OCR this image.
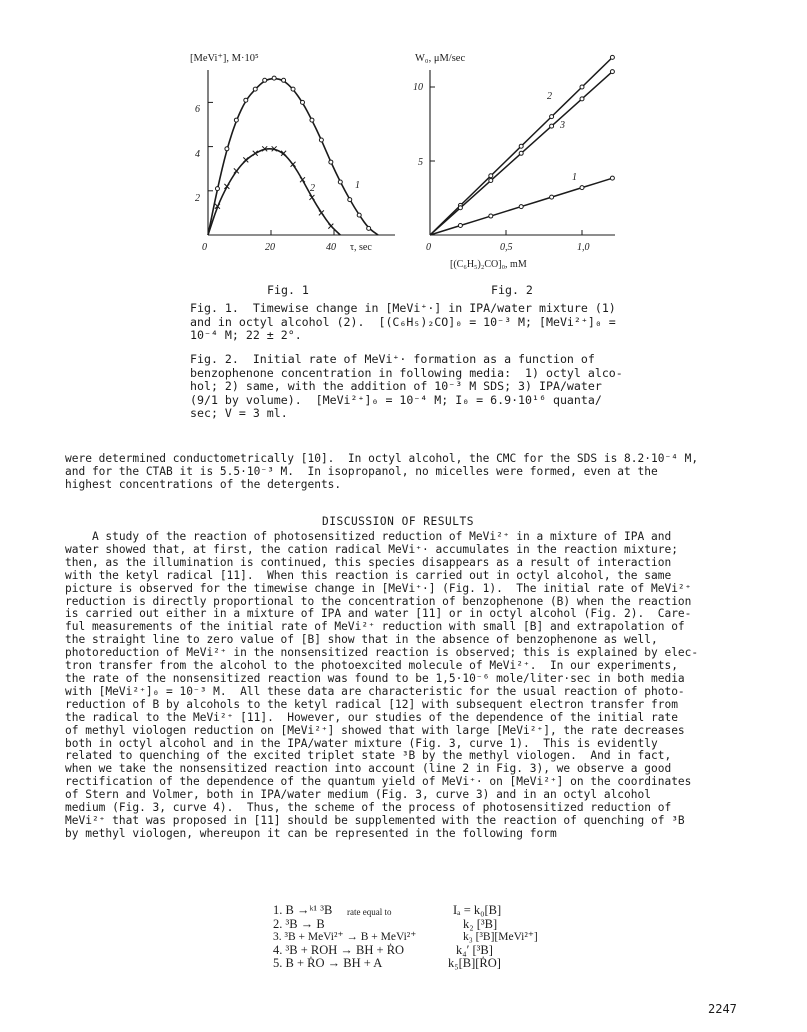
[MeVi⁺], M·10⁵
2
4
6
0	20	40 τ, sec
1
2
W₀, μM/sec
5
10
0	0,5	1,0
[(C₆H₅)₂CO]₀, mM
1
2
3
Fig. 1	Fig. 2
Fig. 1.  Timewise change in [MeVi⁺·] in IPA/water mixture (1)
and in octyl alcohol (2).  [(C₆H₅)₂CO]₀ = 10⁻³ M; [MeVi²⁺]₀ =
10⁻⁴ M; 22 ± 2°.
Fig. 2.  Initial rate of MeVi⁺· formation as a function of
benzophenone concentration in following media:  1) octyl alco-
hol; 2) same, with the addition of 10⁻³ M SDS; 3) IPA/water
(9/1 by volume).  [MeVi²⁺]₀ = 10⁻⁴ M; I₀ = 6.9·10¹⁶ quanta/
sec; V = 3 ml.
were determined conductometrically [10].  In octyl alcohol, the CMC for the SDS is 8.2·10⁻⁴ M,
and for the CTAB it is 5.5·10⁻³ M.  In isopropanol, no micelles were formed, even at the
highest concentrations of the detergents.
DISCUSSION OF RESULTS
A study of the reaction of photosensitized reduction of MeVi²⁺ in a mixture of IPA and
water showed that, at first, the cation radical MeVi⁺· accumulates in the reaction mixture;
then, as the illumination is continued, this species disappears as a result of interaction
with the ketyl radical [11].  When this reaction is carried out in octyl alcohol, the same
picture is observed for the timewise change in [MeVi⁺·] (Fig. 1).  The initial rate of MeVi²⁺
reduction is directly proportional to the concentration of benzophenone (B) when the reaction
is carried out either in a mixture of IPA and water [11] or in octyl alcohol (Fig. 2).  Care-
ful measurements of the initial rate of MeVi²⁺ reduction with small [B] and extrapolation of
the straight line to zero value of [B] show that in the absence of benzophenone as well,
photoreduction of MeVi²⁺ in the nonsensitized reaction is observed; this is explained by elec-
tron transfer from the alcohol to the photoexcited molecule of MeVi²⁺.  In our experiments,
the rate of the nonsensitized reaction was found to be 1,5·10⁻⁶ mole/liter·sec in both media
with [MeVi²⁺]₀ = 10⁻³ M.  All these data are characteristic for the usual reaction of photo-
reduction of B by alcohols to the ketyl radical [12] with subsequent electron transfer from
the radical to the MeVi²⁺ [11].  However, our studies of the dependence of the initial rate
of methyl viologen reduction on [MeVi²⁺] showed that with large [MeVi²⁺], the rate decreases
both in octyl alcohol and in the IPA/water mixture (Fig. 3, curve 1).  This is evidently
related to quenching of the excited triplet state ³B by the methyl viologen.  And in fact,
when we take the nonsensitized reaction into account (line 2 in Fig. 3), we observe a good
rectification of the dependence of the quantum yield of MeVi⁺· on [MeVi²⁺] on the coordinates
of Stern and Volmer, both in IPA/water medium (Fig. 3, curve 3) and in an octyl alcohol
medium (Fig. 3, curve 4).  Thus, the scheme of the process of photosensitized reduction of
MeVi²⁺ that was proposed in [11] should be supplemented with the reaction of quenching of ³B
by methyl viologen, whereupon it can be represented in the following form
1. B →ᵏ¹ ³B rate equal to	Iₐ = k₀[B]
2. ³B → B	k₂ [³B]
3. ³B + MeVi²⁺ → B + MeVi²⁺	k₃ [³B][MeVi²⁺]
4. ³B + ROH → BH + ṘO	k₄′ [³B]
5. B + ṘO → BH + A	k₅[B][ṘO]
2247
